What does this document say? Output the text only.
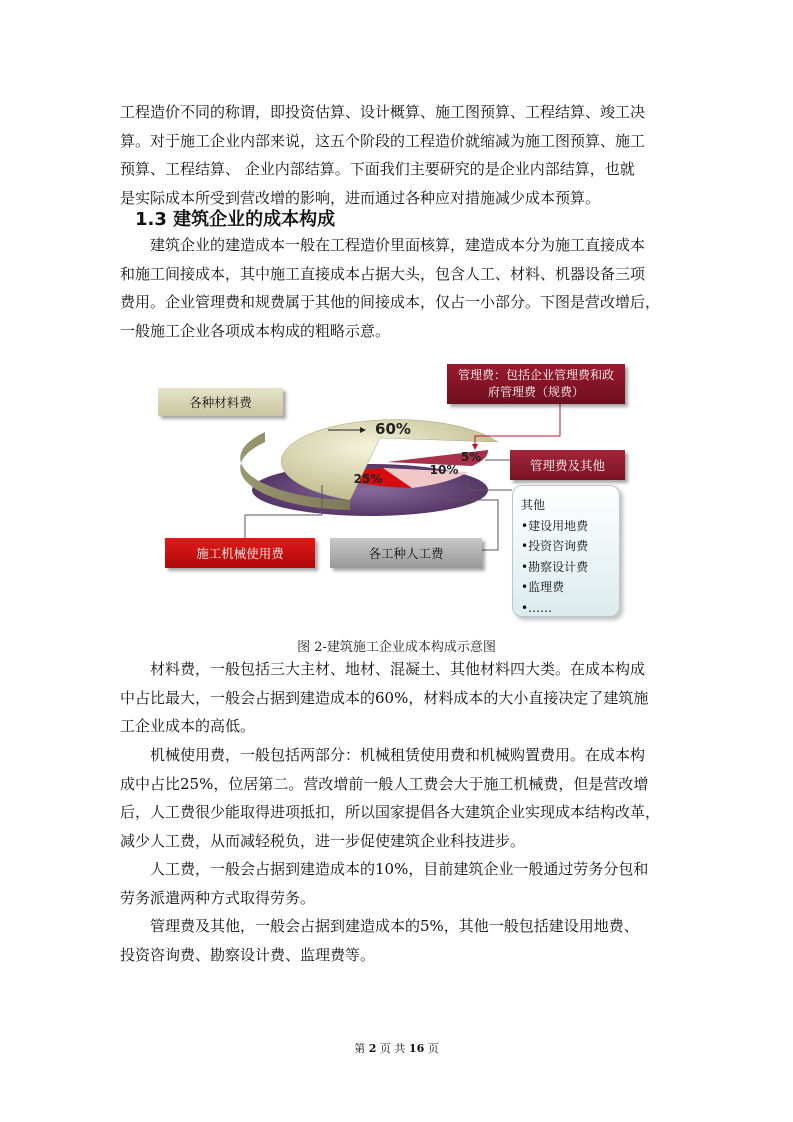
工程造价不同的称谓，即投资估算、设计概算、施工图预算、工程结算、竣工决
算。对于施工企业内部来说，这五个阶段的工程造价就缩减为施工图预算、施工
预算、工程结算、 企业内部结算。下面我们主要研究的是企业内部结算，也就
是实际成本所受到营改增的影响，进而通过各种应对措施减少成本预算。

1.3 建筑企业的成本构成

建筑企业的建造成本一般在工程造价里面核算，建造成本分为施工直接成本
和施工间接成本，其中施工直接成本占据大头，包含人工、材料、机器设备三项
费用。企业管理费和规费属于其他的间接成本，仅占一小部分。下图是营改增后，
一般施工企业各项成本构成的粗略示意。

60%
25%
10%
5%
各种材料费
施工机械使用费	各工种人工费
管理费及其他
管理费：包括企业管理费和政府管理费（规费）
其他
•建设用地费
•投资咨询费
•勘察设计费
•监理费
•……
图 2-建筑施工企业成本构成示意图

材料费，一般包括三大主材、地材、混凝土、其他材料四大类。在成本构成
中占比最大，一般会占据到建造成本的60%，材料成本的大小直接决定了建筑施
工企业成本的高低。

机械使用费，一般包括两部分：机械租赁使用费和机械购置费用。在成本构
成中占比25%，位居第二。营改增前一般人工费会大于施工机械费，但是营改增
后，人工费很少能取得进项抵扣，所以国家提倡各大建筑企业实现成本结构改革，
减少人工费，从而减轻税负，进一步促使建筑企业科技进步。

人工费，一般会占据到建造成本的10%，目前建筑企业一般通过劳务分包和
劳务派遣两种方式取得劳务。

管理费及其他，一般会占据到建造成本的5%，其他一般包括建设用地费、
投资咨询费、勘察设计费、监理费等。

第 2 页 共 16 页
